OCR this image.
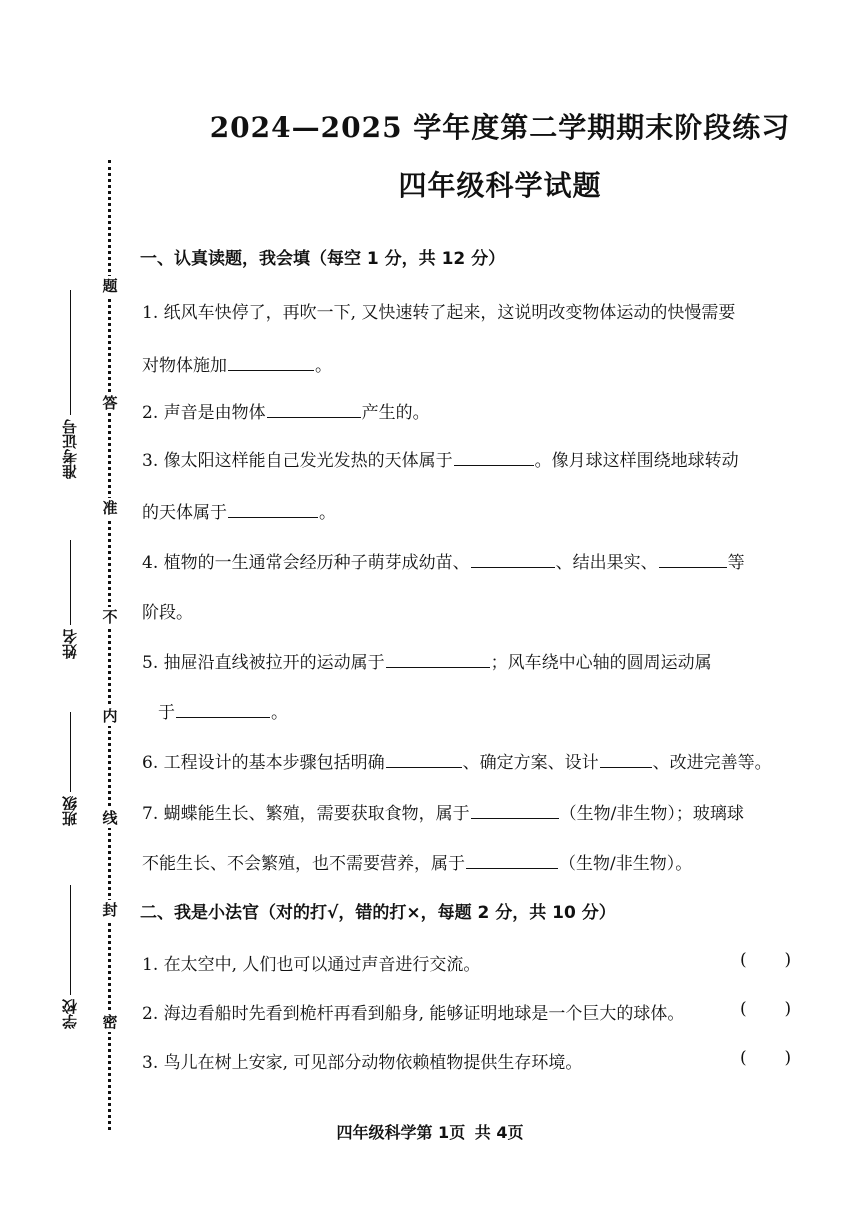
题
答
准
不
内
线
封
密
准考证号
姓名
班级
学校
2024—2025 学年度第二学期期末阶段练习
四年级科学试题
一、认真读题，我会填（每空 1 分，共 12 分）
1. 纸风车快停了，再吹一下, 又快速转了起来，这说明改变物体运动的快慢需要
对物体施加	。
2. 声音是由物体	产生的。
3. 像太阳这样能自己发光发热的天体属于	。像月球这样围绕地球转动
的天体属于	。
4. 植物的一生通常会经历种子萌芽成幼苗、	、结出果实、	等
阶段。
5. 抽屉沿直线被拉开的运动属于	；风车绕中心轴的圆周运动属
于	。
6. 工程设计的基本步骤包括明确	、确定方案、设计	、改进完善等。
7. 蝴蝶能生长、繁殖，需要获取食物，属于	（生物/非生物）；玻璃球
不能生长、不会繁殖，也不需要营养，属于	（生物/非生物）。
二、我是小法官（对的打√，错的打×，每题 2 分，共 10 分）
1. 在太空中, 人们也可以通过声音进行交流。	(       )
2. 海边看船时先看到桅杆再看到船身, 能够证明地球是一个巨大的球体。	(       )
3. 鸟儿在树上安家, 可见部分动物依赖植物提供生存环境。	(       )
四年级科学第 1页 共 4页
